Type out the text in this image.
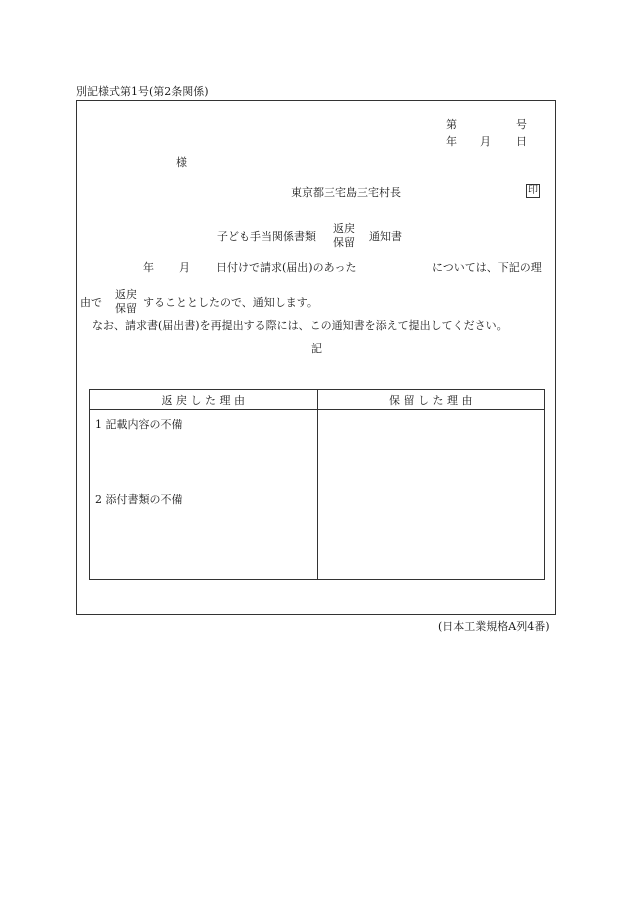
別記様式第1号(第2条関係)
第	号
年 月 日
様
東京都三宅島三宅村長	印
子ども手当関係書類
返戻
保留 通知書
年 月 日付けで請求(届出)のあった	については、下記の理
由で
返戻
保留 することとしたので、通知します。
なお、請求書(届出書)を再提出する際には、この通知書を添えて提出してください。
記
返 戻 し た 理 由	保 留 し た 理 由

1 記載内容の不備
2 添付書類の不備	

(日本工業規格A列4番)
